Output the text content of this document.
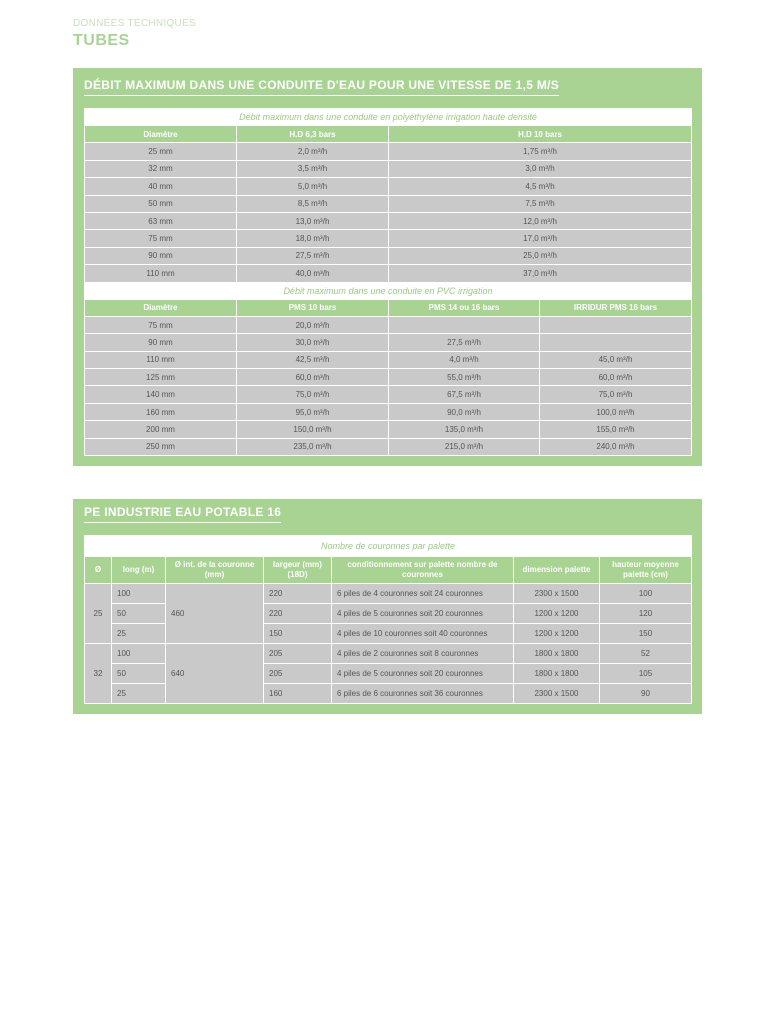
DONNÉES TECHNIQUES
TUBES
DÉBIT MAXIMUM DANS UNE CONDUITE D'EAU POUR UNE VITESSE DE 1,5 M/S
Débit maximum dans une conduite en polyéthylène irrigation haute densité			
Diamètre	H.D 6,3 bars	H.D 10 bars	
25 mm	2,0 m³/h	1,75 m³/h	
32 mm	3,5 m³/h	3,0 m³/h	
40 mm	5,0 m³/h	4,5 m³/h	
50 mm	8,5 m³/h	7,5 m³/h	
63 mm	13,0 m³/h	12,0 m³/h	
75 mm	18,0 m³/h	17,0 m³/h	
90 mm	27,5 m³/h	25,0 m³/h	
110 mm	40,0 m³/h	37,0 m³/h	
Débit maximum dans une conduite en PVC irrigation			
Diamètre	PMS 10 bars	PMS 14 ou 16 bars	IRRIDUR PMS 16 bars
75 mm	20,0 m³/h		
90 mm	30,0 m³/h	27,5 m³/h	
110 mm	42,5 m³/h	4,0 m³/h	45,0 m³/h
125 mm	60,0 m³/h	55,0 m³/h	60,0 m³/h
140 mm	75,0 m³/h	67,5 m³/h	75,0 m³/h
160 mm	95,0 m³/h	90,0 m³/h	100,0 m³/h
200 mm	150,0 m³/h	135,0 m³/h	155,0 m³/h
250 mm	235,0 m³/h	215,0 m³/h	240,0 m³/h
PE INDUSTRIE EAU POTABLE 16
Nombre de couronnes par palette						
Ø	long (m)	Ø int. de la couronne (mm)	largeur (mm) (18D)	conditionnement sur palette nombre de couronnes	dimension palette	hauteur moyenne palette (cm)
25	100	460	220	6 piles de 4 couronnes soit 24 couronnes	2300 x 1500	100
	50		220	4 piles de 5 couronnes soit 20 couronnes	1200 x 1200	120
	25		150	4 piles de 10 couronnes soit 40 couronnes	1200 x 1200	150
32	100	640	205	4 piles de 2 couronnes soit 8 couronnes	1800 x 1800	52
	50		205	4 piles de 5 couronnes soit 20 couronnes	1800 x 1800	105
	25		160	6 piles de 6 couronnes soit 36 couronnes	2300 x 1500	90
